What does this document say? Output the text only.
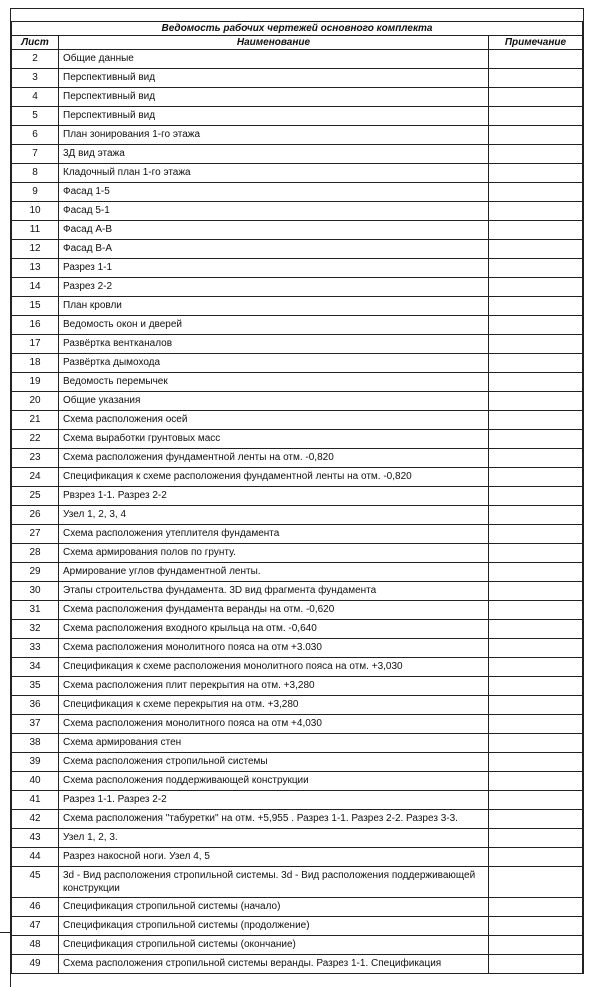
Ведомость рабочих чертежей основного комплекта		
Лист	Наименование	Примечание
2	Общие данные	
3	Перспективный вид	
4	Перспективный вид	
5	Перспективный вид	
6	План зонирования 1-го этажа	
7	3Д вид этажа	
8	Кладочный план 1-го этажа	
9	Фасад 1-5	
10	Фасад 5-1	
11	Фасад А-В	
12	Фасад В-А	
13	Разрез 1-1	
14	Разрез 2-2	
15	План кровли	
16	Ведомость окон и дверей	
17	Развёртка вентканалов	
18	Развёртка дымохода	
19	Ведомость перемычек	
20	Общие указания	
21	Схема расположения осей	
22	Схема выработки грунтовых масс	
23	Схема расположения фундаментной ленты на отм. -0,820	
24	Спецификация к схеме расположения фундаментной ленты на отм. -0,820	
25	Рвзрез 1-1. Разрез 2-2	
26	Узел 1, 2, 3, 4	
27	Схема расположения утеплителя фундамента	
28	Схема армирования полов по грунту.	
29	Армирование углов фундаментной ленты.	
30	Этапы строительства фундамента. 3D вид фрагмента фундамента	
31	Схема расположения фундамента веранды на отм. -0,620	
32	Схема расположения входного крыльца на отм. -0,640	
33	Схема расположения монолитного пояса на отм +3.030	
34	Спецификация к схеме расположения монолитного пояса на отм. +3,030	
35	Схема расположения плит перекрытия на отм. +3,280	
36	Спецификация к схеме перекрытия на отм. +3,280	
37	Схема расположения монолитного пояса на отм +4,030	
38	Схема армирования стен	
39	Схема расположения стропильной системы	
40	Схема расположения поддерживающей конструкции	
41	Разрез 1-1. Разрез 2-2	
42	Схема расположения "табуретки" на отм. +5,955 . Разрез 1-1. Разрез 2-2. Разрез 3-3.	
43	Узел 1, 2, 3.	
44	Разрез накосной ноги. Узел 4, 5	
45	3d - Вид расположения стропильной системы. 3d - Вид расположения поддерживающей конструкции	
46	Спецификация стропильной системы (начало)	
47	Спецификация стропильной системы (продолжение)	
48	Спецификация стропильной системы (окончание)	
49	Схема расположения стропильной системы веранды. Разрез 1-1. Спецификация	
